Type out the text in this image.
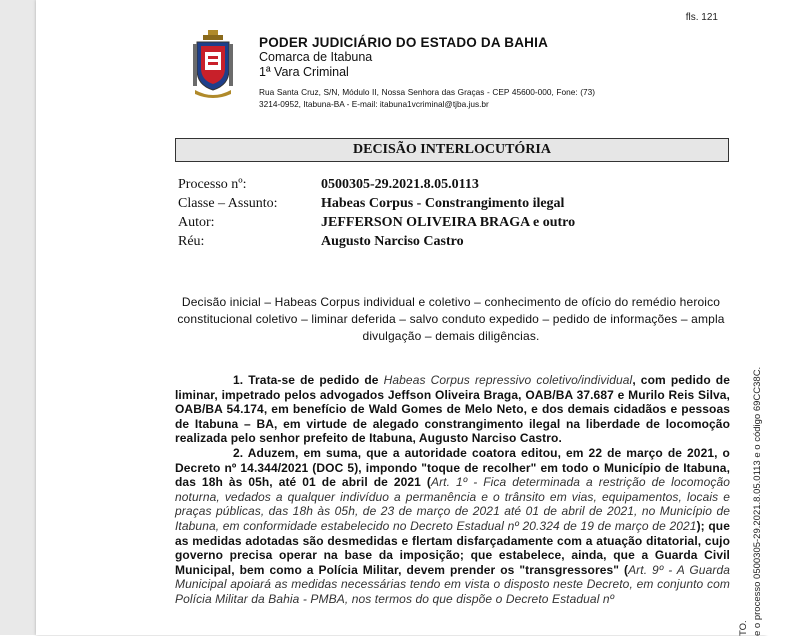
fls. 121
PODER JUDICIÁRIO DO ESTADO DA BAHIA
Comarca de Itabuna
1ª Vara Criminal
Rua Santa Cruz, S/N, Módulo II, Nossa Senhora das Graças - CEP 45600-000, Fone: (73) 3214-0952, Itabuna-BA - E-mail: itabuna1vcriminal@tjba.jus.br
DECISÃO INTERLOCUTÓRIA
Processo nº:	0500305-29.2021.8.05.0113
Classe – Assunto:	Habeas Corpus - Constrangimento ilegal
Autor:	JEFFERSON OLIVEIRA BRAGA e outro
Réu:	Augusto Narciso Castro
Decisão inicial – Habeas Corpus individual e coletivo – conhecimento de ofício do remédio heroico constitucional coletivo – liminar deferida – salvo conduto expedido – pedido de informações – ampla divulgação – demais diligências.

1. Trata-se de pedido de Habeas Corpus repressivo coletivo/individual, com pedido de liminar, impetrado pelos advogados Jeffson Oliveira Braga, OAB/BA 37.687 e Murilo Reis Silva, OAB/BA 54.174, em benefício de Wald Gomes de Melo Neto, e dos demais cidadãos e pessoas de Itabuna – BA, em virtude de alegado constrangimento ilegal na liberdade de locomoção realizada pelo senhor prefeito de Itabuna, Augusto Narciso Castro.

2. Aduzem, em suma, que a autoridade coatora editou, em 22 de março de 2021, o Decreto nº 14.344/2021 (DOC 5), impondo "toque de recolher" em todo o Município de Itabuna, das 18h às 05h, até 01 de abril de 2021 (Art. 1º - Fica determinada a restrição de locomoção noturna, vedados a qualquer indivíduo a permanência e o trânsito em vias, equipamentos, locais e praças públicas, das 18h às 05h, de 23 de março de 2021 até 01 de abril de 2021, no Município de Itabuna, em conformidade estabelecido no Decreto Estadual nº 20.324 de 19 de março de 2021); que as medidas adotadas são desmedidas e flertam disfarçadamente com a atuação ditatorial, cujo governo precisa operar na base da imposição; que estabelece, ainda, que a Guarda Civil Municipal, bem como a Polícia Militar, devem prender os "transgressores" (Art. 9º - A Guarda Municipal apoiará as medidas necessárias tendo em vista o disposto neste Decreto, em conjunto com Polícia Militar da Bahia - PMBA, nos termos do que dispõe o Decreto Estadual nº	e o processo 0500305-29.2021.8.05.0113 e o código 69CC38C.
TO.
